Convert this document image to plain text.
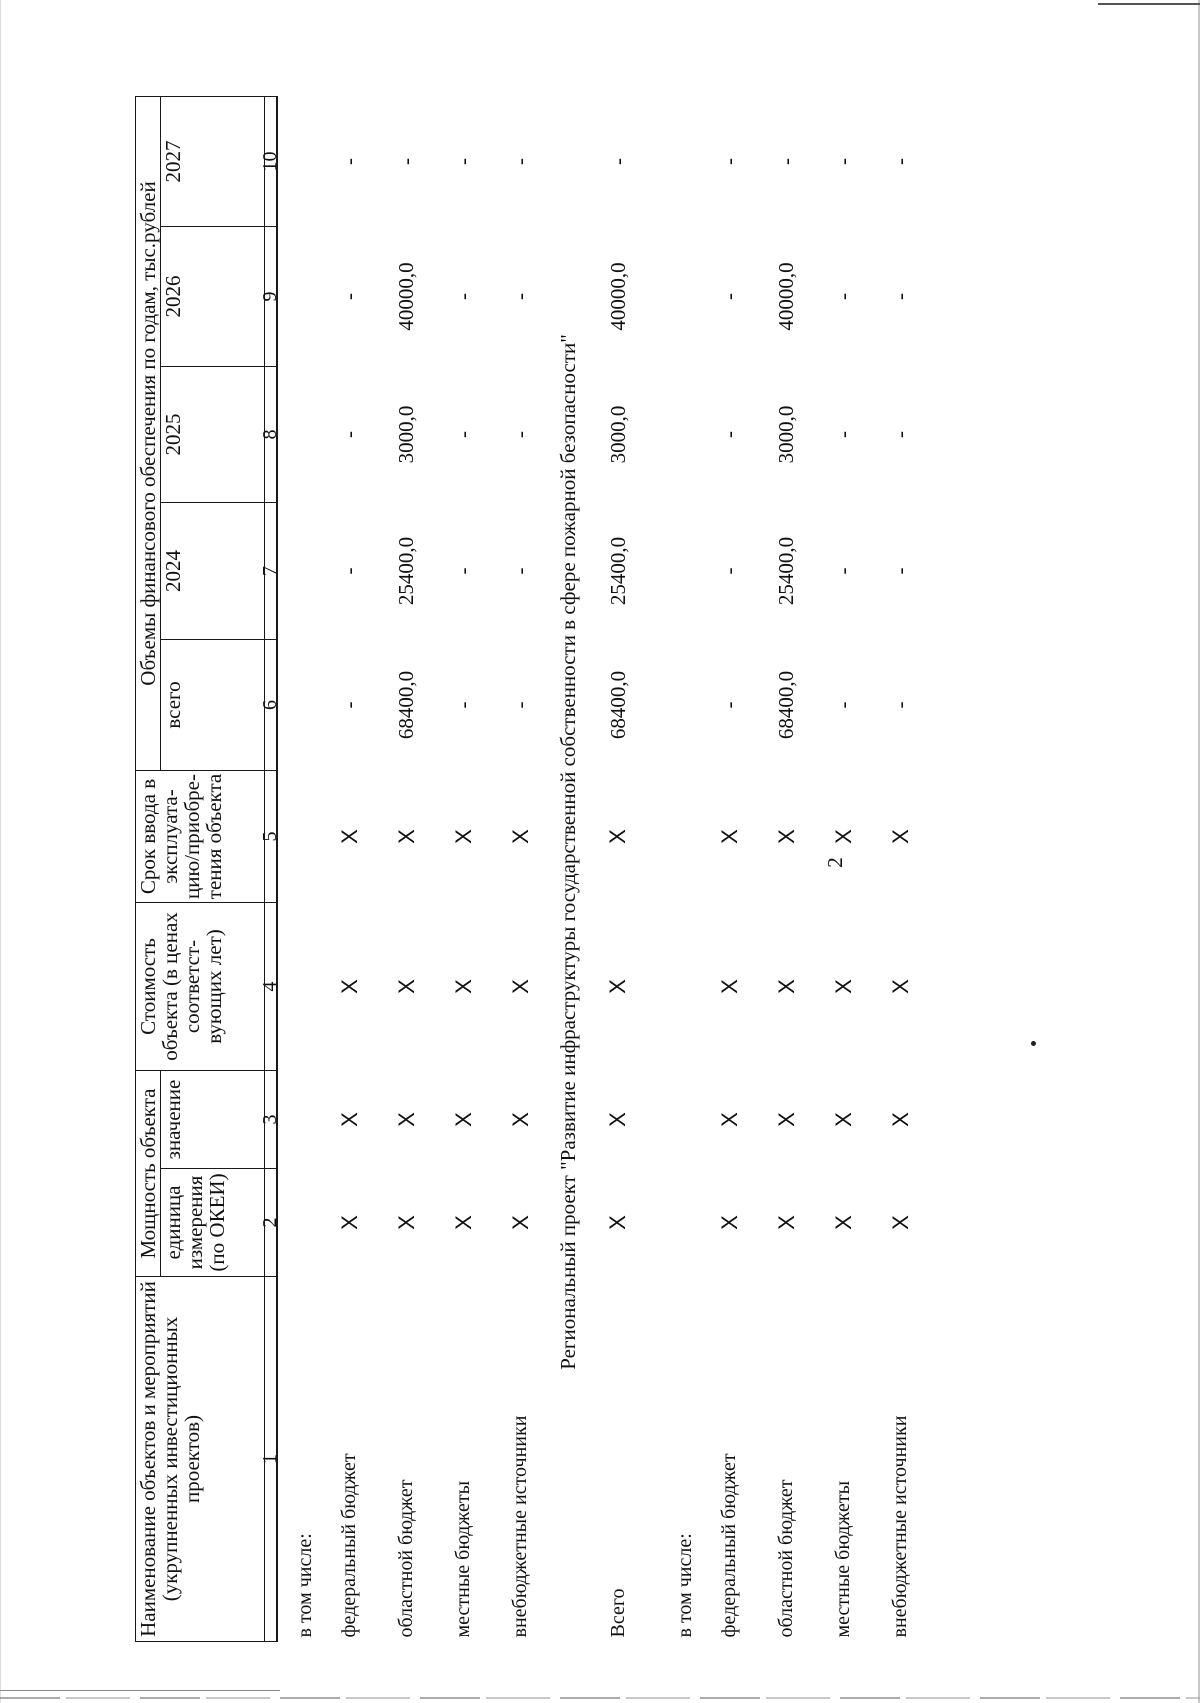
2
Наименование объектов и мероприятий (укрупненных инвестиционных проектов)	Мощность объекта		Стоимость объекта (в ценах соответст-вующих лет)	Срок ввода в эксплуата-цию/приобре-тения объекта	Объемы финансового обеспечения по годам, тыс.рублей				
	единица измерения (по ОКЕИ)	значение			всего	2024	2025	2026	2027
1	2	3	4	5	6	7	8	9	10
в том числе:									
федеральный бюджет	X	X	X	X	-	-	-	-	-
областной бюджет	X	X	X	X	68400,0	25400,0	3000,0	40000,0	-
местные бюджеты	X	X	X	X	-	-	-	-	-
внебюджетные источники	X	X	X	X	-	-	-	-	-
Региональный проект "Развитие инфраструктуры государственной собственности в сфере пожарной безопасности"									
Всего	X	X	X	X	68400,0	25400,0	3000,0	40000,0	-
в том числе:									
федеральный бюджет	X	X	X	X	-	-	-	-	-
областной бюджет	X	X	X	X	68400,0	25400,0	3000,0	40000,0	-
местные бюджеты	X	X	X	X	-	-	-	-	-
внебюджетные источники	X	X	X	X	-	-	-	-	-
